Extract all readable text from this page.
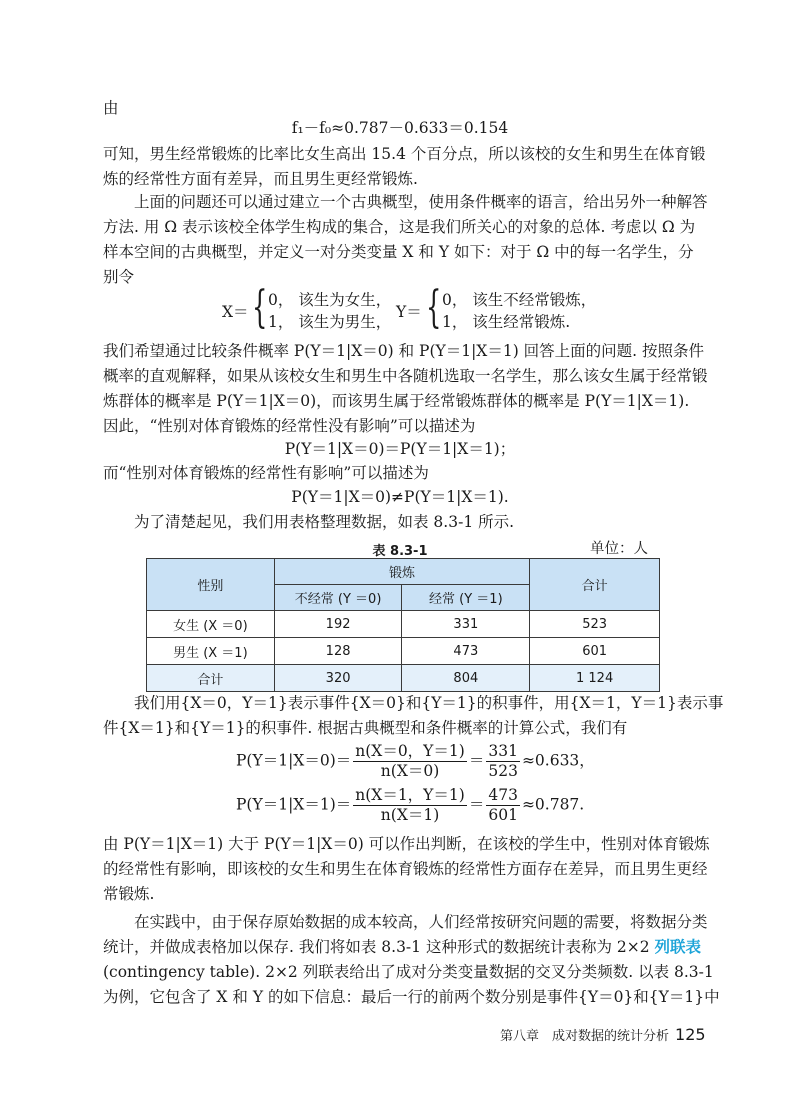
由
f₁－f₀≈0.787－0.633＝0.154
可知，男生经常锻炼的比率比女生高出 15.4 个百分点，所以该校的女生和男生在体育锻
炼的经常性方面有差异，而且男生更经常锻炼.
上面的问题还可以通过建立一个古典概型，使用条件概率的语言，给出另外一种解答
方法. 用 Ω 表示该校全体学生构成的集合，这是我们所关心的对象的总体. 考虑以 Ω 为
样本空间的古典概型，并定义一对分类变量 X 和 Y 如下：对于 Ω 中的每一名学生，分
别令
X＝ { 0， 该生为女生，
1， 该生为男生，
Y＝ { 0， 该生不经常锻炼，
1， 该生经常锻炼.
我们希望通过比较条件概率 P(Y＝1|X＝0) 和 P(Y＝1|X＝1) 回答上面的问题. 按照条件
概率的直观解释，如果从该校女生和男生中各随机选取一名学生，那么该女生属于经常锻
炼群体的概率是 P(Y＝1|X＝0)，而该男生属于经常锻炼群体的概率是 P(Y＝1|X＝1).
因此，“性别对体育锻炼的经常性没有影响”可以描述为
P(Y＝1|X＝0)＝P(Y＝1|X＝1)；
而“性别对体育锻炼的经常性有影响”可以描述为
P(Y＝1|X＝0)≠P(Y＝1|X＝1).
为了清楚起见，我们用表格整理数据，如表 8.3-1 所示.
表 8.3-1	单位：人
性别	锻炼		合计
	不经常 (Y ＝0)	经常 (Y ＝1)	
女生 (X ＝0)	192	331	523
男生 (X ＝1)	128	473	601
合计	320	804	1 124
我们用{X＝0，Y＝1}表示事件{X＝0}和{Y＝1}的积事件，用{X＝1，Y＝1}表示事
件{X＝1}和{Y＝1}的积事件. 根据古典概型和条件概率的计算公式，我们有
$P(Y=1|X=0)= \frac{n(X=0,Y=1)}{n(X=0)} = \frac{331}{523} \approx 0.633$，
$P(Y=1|X=1)= \frac{n(X=1,Y=1)}{n(X=1)} = \frac{473}{601} \approx 0.787$.
由 P(Y＝1|X＝1) 大于 P(Y＝1|X＝0) 可以作出判断，在该校的学生中，性别对体育锻炼
的经常性有影响，即该校的女生和男生在体育锻炼的经常性方面存在差异，而且男生更经
常锻炼.
在实践中，由于保存原始数据的成本较高，人们经常按研究问题的需要，将数据分类
统计，并做成表格加以保存. 我们将如表 8.3-1 这种形式的数据统计表称为 2×2 列联表
(contingency table). 2×2 列联表给出了成对分类变量数据的交叉分类频数. 以表 8.3-1
为例，它包含了 X 和 Y 的如下信息：最后一行的前两个数分别是事件{Y＝0}和{Y＝1}中
第八章　成对数据的统计分析 125
